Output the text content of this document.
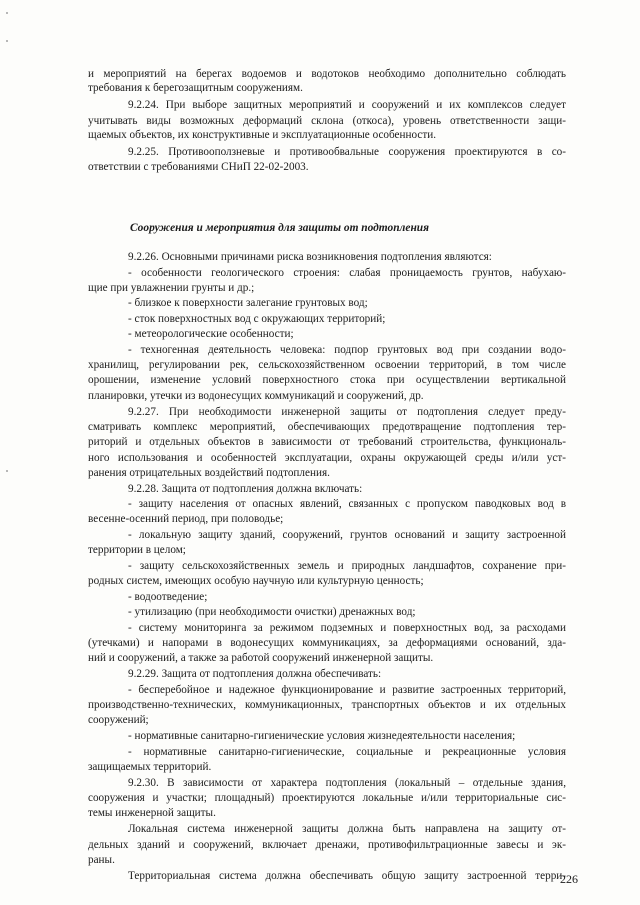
и мероприятий на берегах водоемов и водотоков необходимо дополнительно соблюдать
требования к берегозащитным сооружениям.
9.2.24. При выборе защитных мероприятий и сооружений и их комплексов следует
учитывать виды возможных деформаций склона (откоса), уровень ответственности защи-
щаемых объектов, их конструктивные и эксплуатационные особенности.
9.2.25. Противооползневые и противообвальные сооружения проектируются в со-
ответствии с требованиями СНиП 22-02-2003.
9.2.26. Основными причинами риска возникновения подтопления являются:
- особенности геологического строения: слабая проницаемость грунтов, набухаю-
щие при увлажнении грунты и др.;
- близкое к поверхности залегание грунтовых вод;
- сток поверхностных вод с окружающих территорий;
- метеорологические особенности;
- техногенная деятельность человека: подпор грунтовых вод при создании водо-
хранилищ, регулировании рек, сельскохозяйственном освоении территорий, в том числе
орошении, изменение условий поверхностного стока при осуществлении вертикальной
планировки, утечки из водонесущих коммуникаций и сооружений, др.
9.2.27. При необходимости инженерной защиты от подтопления следует преду-
сматривать комплекс мероприятий, обеспечивающих предотвращение подтопления тер-
риторий и отдельных объектов в зависимости от требований строительства, функциональ-
ного использования и особенностей эксплуатации, охраны окружающей среды и/или уст-
ранения отрицательных воздействий подтопления.
9.2.28. Защита от подтопления должна включать:
- защиту населения от опасных явлений, связанных с пропуском паводковых вод в
весенне-осенний период, при половодье;
- локальную защиту зданий, сооружений, грунтов оснований и защиту застроенной
территории в целом;
- защиту сельскохозяйственных земель и природных ландшафтов, сохранение при-
родных систем, имеющих особую научную или культурную ценность;
- водоотведение;
- утилизацию (при необходимости очистки) дренажных вод;
- систему мониторинга за режимом подземных и поверхностных вод, за расходами
(утечками) и напорами в водонесущих коммуникациях, за деформациями оснований, зда-
ний и сооружений, а также за работой сооружений инженерной защиты.
9.2.29. Защита от подтопления должна обеспечивать:
- бесперебойное и надежное функционирование и развитие застроенных территорий,
производственно-технических, коммуникационных, транспортных объектов и их отдельных
сооружений;
- нормативные санитарно-гигиенические условия жизнедеятельности населения;
- нормативные санитарно-гигиенические, социальные и рекреационные условия
защищаемых территорий.
9.2.30. В зависимости от характера подтопления (локальный – отдельные здания,
сооружения и участки; площадный) проектируются локальные и/или территориальные сис-
темы инженерной защиты.
Локальная система инженерной защиты должна быть направлена на защиту от-
дельных зданий и сооружений, включает дренажи, противофильтрационные завесы и эк-
раны.
Территориальная система должна обеспечивать общую защиту застроенной терри-
Сооружения и мероприятия для защиты от подтопления
226
